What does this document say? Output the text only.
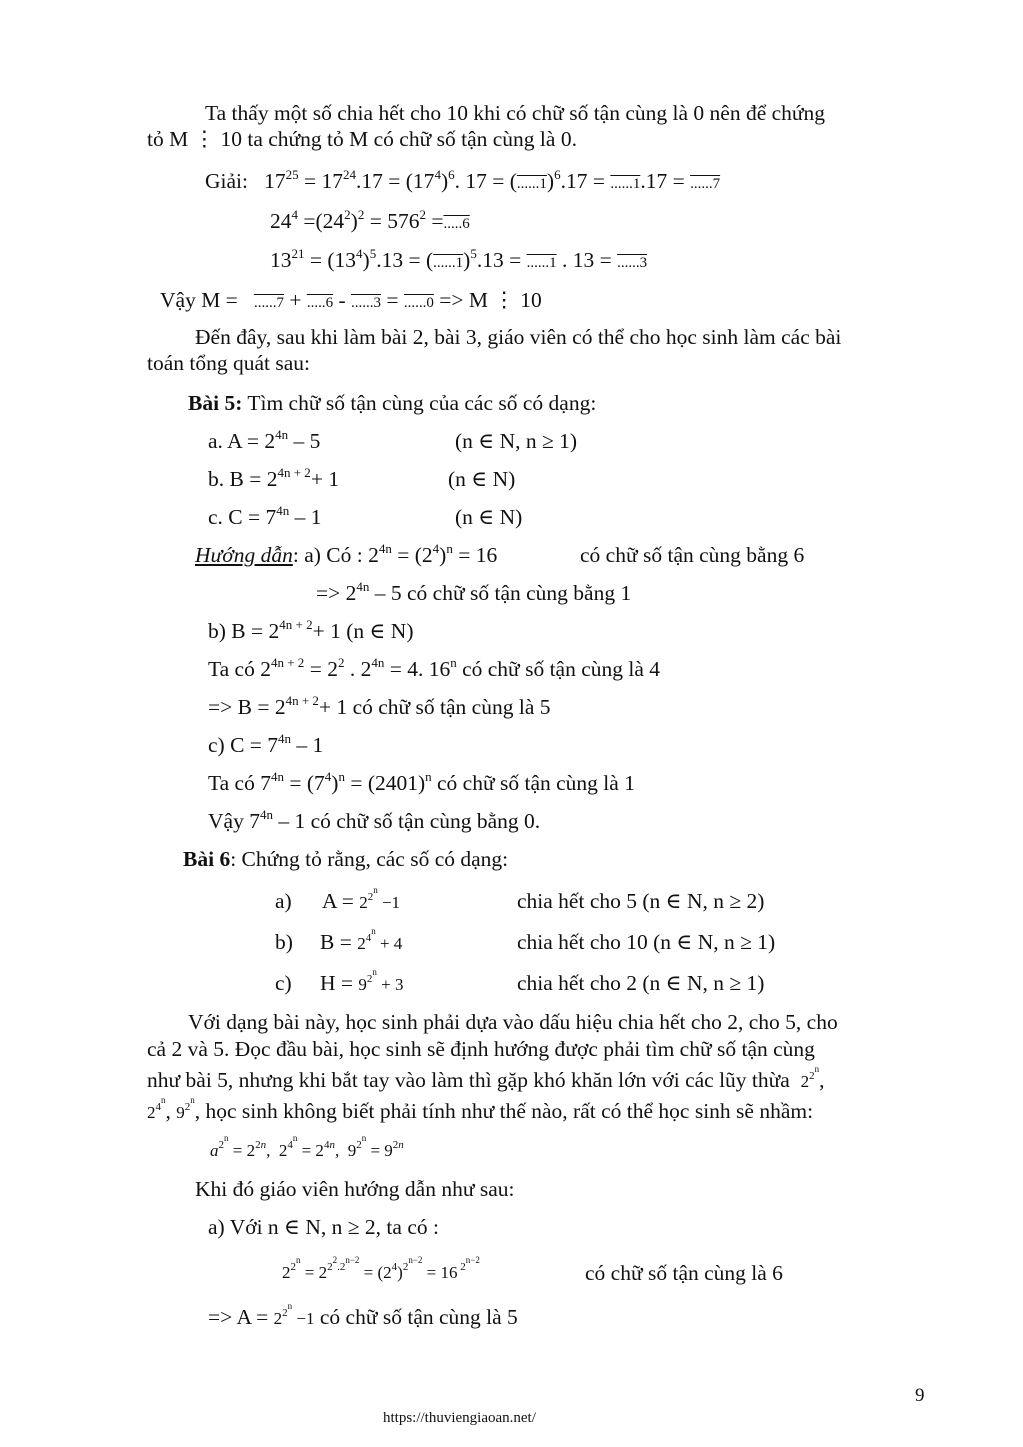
Ta thấy một số chia hết cho 10 khi có chữ số tận cùng là 0 nên để chứng
tỏ M ⋮ 10 ta chứng tỏ M có chữ số tận cùng là 0.
Giải: $17^{25} = 17^{24}.17 = (17^4)^6$. $17 = (......1)^6.17 = ......1.17 = ......7$
$24^4 =(24^2)^2 = 576^2 =.....6$
$13^{21} = (13^4)^5.13 = (......1)^5.13 = ......1$ . 13 = ......3
Vậy M =   ......7 + .....6 - ......3 = ......0 => M ⋮ 10
Đến đây, sau khi làm bài 2, bài 3, giáo viên có thể cho học sinh làm các bài
toán tổng quát sau:
Bài 5: Tìm chữ số tận cùng của các số có dạng:
a. $A = 2^{4n} - 5$	(n ∈ N, n ≥ 1)
b. $B = 2^{4n + 2}+ 1$	(n ∈ N)
c. $C = 7^{4n} - 1$	(n ∈ N)
Hướng dẫn: a) Có : $2^{4n} = (2^4)^n = 16$	có chữ số tận cùng bằng 6
=> $2^{4n} - 5$ có chữ số tận cùng bằng 1
b) $B = 2^{4n + 2}+ 1$ (n ∈ N)
Ta có $2^{4n + 2} = 2^2$ . $2^{4n} = 4$. 16$^n$ có chữ số tận cùng là 4
=> $B = 2^{4n + 2}+ 1$ có chữ số tận cùng là 5
c) $C = 7^{4n} - 1$
Ta có $7^{4n} = (7^4)^n = (2401)^n$ có chữ số tận cùng là 1
Vậy $7^{4n} - 1$ có chữ số tận cùng bằng 0.
Bài 6: Chứng tỏ rằng, các số có dạng:
a) $A = 2^{2^n} -1$	chia hết cho 5 (n ∈ N, n ≥ 2)
b) $B = 2^{4^n} + 4$	chia hết cho 10 (n ∈ N, n ≥ 1)
c) $H = 9^{2^n} + 3$	chia hết cho 2 (n ∈ N, n ≥ 1)
Với dạng bài này, học sinh phải dựa vào dấu hiệu chia hết cho 2, cho 5, cho
cả 2 và 5. Đọc đầu bài, học sinh sẽ định hướng được phải tìm chữ số tận cùng
như bài 5, nhưng khi bắt tay vào làm thì gặp khó khăn lớn với các lũy thừa $2^{2^n}$,
$2^{4^n}$, $9^{2^n}$, học sinh không biết phải tính như thế nào, rất có thể học sinh sẽ nhầm:
$a^{2^n} = 2^{2n}$,  $2^{4^n} = 2^{4n}$,  $9^{2^n} = 9^{2n}$
Khi đó giáo viên hướng dẫn như sau:
a) Với n ∈ N, n ≥ 2, ta có :
$2^{2^n} = 2^{2^2.2^{n-2}} = (2^4)^{2^{n-2}} = 16$ $^{2^{n-2}}$
có chữ số tận cùng là 6
=> $A = 2^{2^n} -1$ có chữ số tận cùng là 5
9
https://thuviengiaoan.net/
